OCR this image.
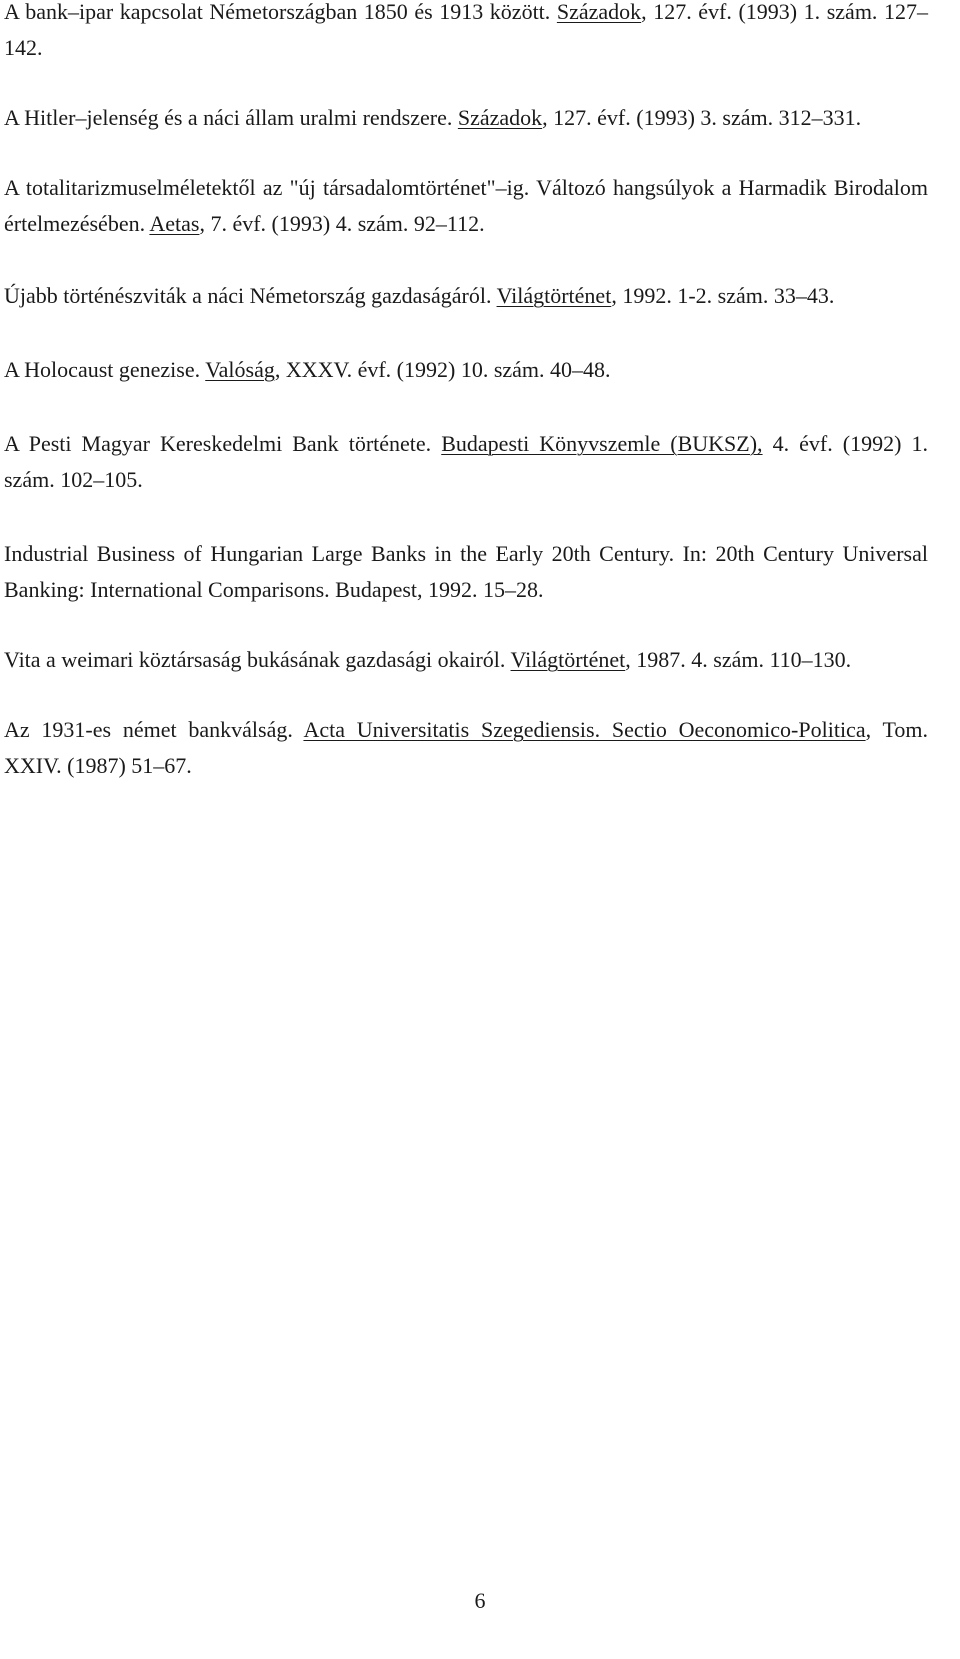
A bank–ipar kapcsolat Németországban 1850 és 1913 között. Századok, 127. évf. (1993) 1. szám. 127–142.

A Hitler–jelenség és a náci állam uralmi rendszere. Századok, 127. évf. (1993) 3. szám. 312–331.

A totalitarizmuselméletektől az "új társadalomtörténet"–ig. Változó hangsúlyok a Harmadik Birodalom értelmezésében. Aetas, 7. évf. (1993) 4. szám. 92–112.

Újabb történészviták a náci Németország gazdaságáról. Világtörténet, 1992. 1-2. szám. 33–43.

A Holocaust genezise. Valóság, XXXV. évf. (1992) 10. szám. 40–48.

A Pesti Magyar Kereskedelmi Bank története. Budapesti Könyvszemle (BUKSZ), 4. évf. (1992) 1. szám. 102–105.

Industrial Business of Hungarian Large Banks in the Early 20th Century. In: 20th Century Universal Banking: International Comparisons. Budapest, 1992. 15–28.

Vita a weimari köztársaság bukásának gazdasági okairól. Világtörténet, 1987. 4. szám. 110–130.

Az 1931-es német bankválság. Acta Universitatis Szegediensis. Sectio Oeconomico-Politica, Tom. XXIV. (1987) 51–67.

6
